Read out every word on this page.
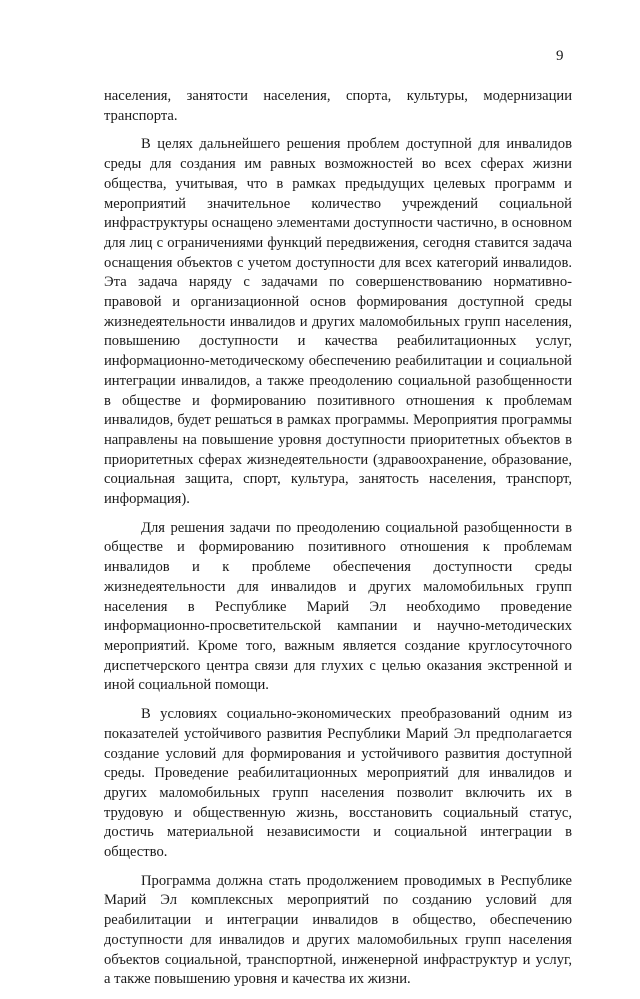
9

населения, занятости населения, спорта, культуры, модернизации транспорта.

В целях дальнейшего решения проблем доступной для инвалидов среды для создания им равных возможностей во всех сферах жизни общества, учитывая, что в рамках предыдущих целевых программ и мероприятий значительное количество учреждений социальной инфраструктуры оснащено элементами доступности частично, в основном для лиц с ограничениями функций передвижения, сегодня ставится задача оснащения объектов с учетом доступности для всех категорий инвалидов. Эта задача наряду с задачами по совершенствованию нормативно-правовой и организационной основ формирования доступной среды жизнедеятельности инвалидов и других маломобильных групп населения, повышению доступности и качества реабилитационных услуг, информационно-методическому обеспечению реабилитации и социальной интеграции инвалидов, а также преодолению социальной разобщенности в обществе и формированию позитивного отношения к проблемам инвалидов, будет решаться в рамках программы. Мероприятия программы направлены на повышение уровня доступности приоритетных объектов в приоритетных сферах жизнедеятельности (здравоохранение, образование, социальная защита, спорт, культура, занятость населения, транспорт, информация).

Для решения задачи по преодолению социальной разобщенности в обществе и формированию позитивного отношения к проблемам инвалидов и к проблеме обеспечения доступности среды жизнедеятельности для инвалидов и других маломобильных групп населения в Республике Марий Эл необходимо проведение информационно-просветительской кампании и научно-методических мероприятий. Кроме того, важным является создание круглосуточного диспетчерского центра связи для глухих с целью оказания экстренной и иной социальной помощи.

В условиях социально-экономических преобразований одним из показателей устойчивого развития Республики Марий Эл предполагается создание условий для формирования и устойчивого развития доступной среды. Проведение реабилитационных мероприятий для инвалидов и других маломобильных групп населения позволит включить их в трудовую и общественную жизнь, восстановить социальный статус, достичь материальной независимости и социальной интеграции в общество.

Программа должна стать продолжением проводимых в Республике Марий Эл комплексных мероприятий по созданию условий для реабилитации и интеграции инвалидов в общество, обеспечению доступности для инвалидов и других маломобильных групп населения объектов социальной, транспортной, инженерной инфраструктур и услуг, а также повышению уровня и качества их жизни.
